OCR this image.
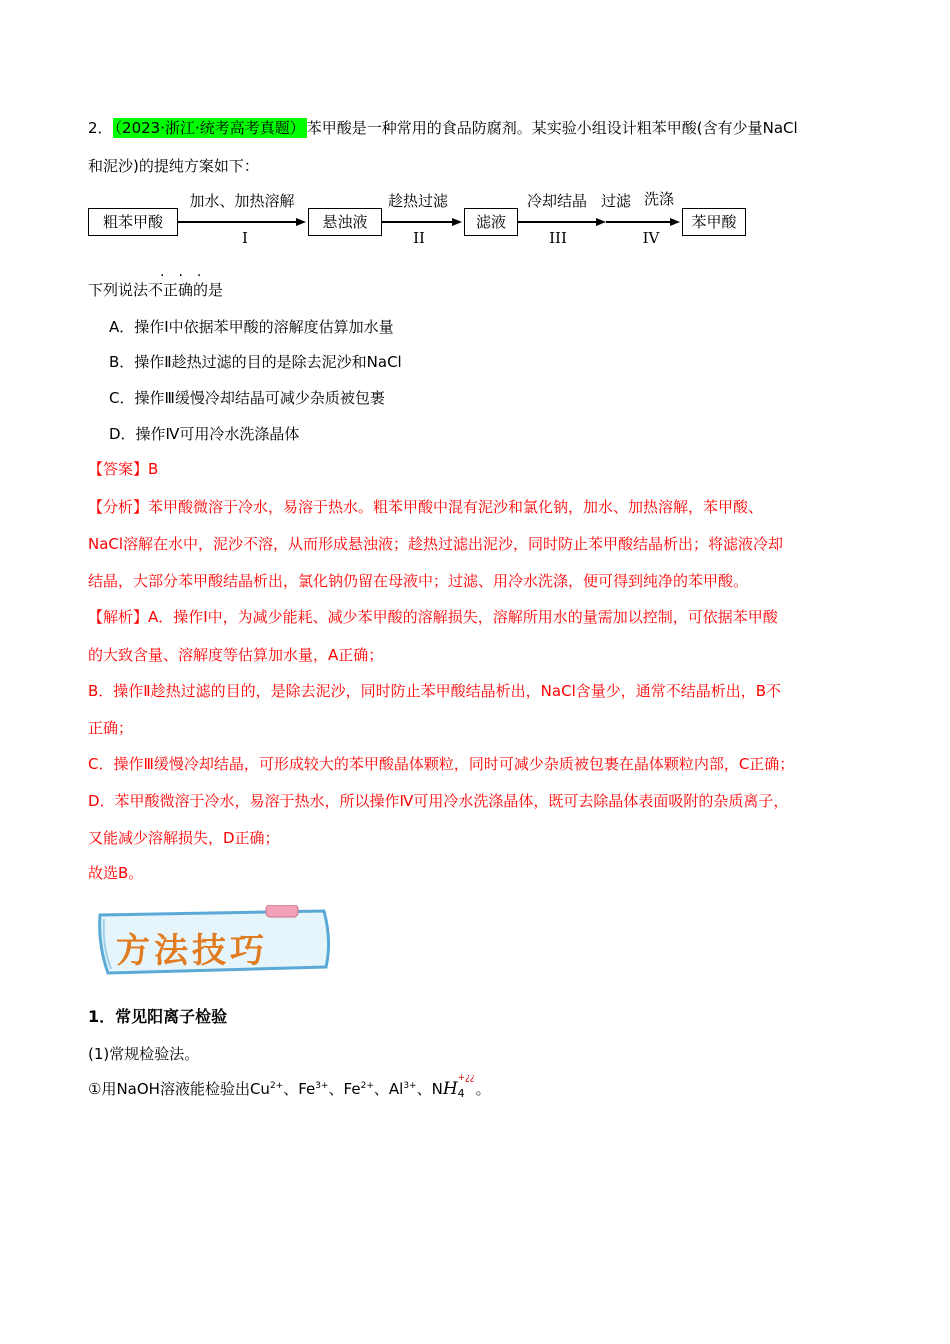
2． （2023·浙江·统考高考真题） 苯甲酸是一种常用的食品防腐剂。某实验小组设计粗苯甲酸(含有少量NaCl
和泥沙)的提纯方案如下：
粗苯甲酸
加水、加热溶解
I
悬浊液
趁热过滤
II
滤液
冷却结晶
III
过滤 洗涤
IV
苯甲酸
···
下列说法不正确的是
A．操作Ⅰ中依据苯甲酸的溶解度估算加水量
B．操作Ⅱ趁热过滤的目的是除去泥沙和NaCl
C．操作Ⅲ缓慢冷却结晶可减少杂质被包裹
D．操作Ⅳ可用冷水洗涤晶体
【答案】B
【分析】苯甲酸微溶于冷水，易溶于热水。粗苯甲酸中混有泥沙和氯化钠，加水、加热溶解，苯甲酸、
NaCl溶解在水中，泥沙不溶，从而形成悬浊液；趁热过滤出泥沙，同时防止苯甲酸结晶析出；将滤液冷却
结晶，大部分苯甲酸结晶析出，氯化钠仍留在母液中；过滤、用冷水洗涤，便可得到纯净的苯甲酸。
【解析】A．操作Ⅰ中，为减少能耗、减少苯甲酸的溶解损失，溶解所用水的量需加以控制，可依据苯甲酸
的大致含量、溶解度等估算加水量，A正确；
B．操作Ⅱ趁热过滤的目的，是除去泥沙，同时防止苯甲酸结晶析出，NaCl含量少，通常不结晶析出，B不
正确；
C．操作Ⅲ缓慢冷却结晶，可形成较大的苯甲酸晶体颗粒，同时可减少杂质被包裹在晶体颗粒内部，C正确；
D．苯甲酸微溶于冷水，易溶于热水，所以操作Ⅳ可用冷水洗涤晶体，既可去除晶体表面吸附的杂质离子，
又能减少溶解损失，D正确；
故选B。
方法技巧
1．常见阳离子检验
(1)常规检验法。
①用NaOH溶液能检验出$Cu^{2+}$、$Fe^{3+}$、$Fe^{2+}$、$Al^{3+}$、NH
+¿¿
4 。
